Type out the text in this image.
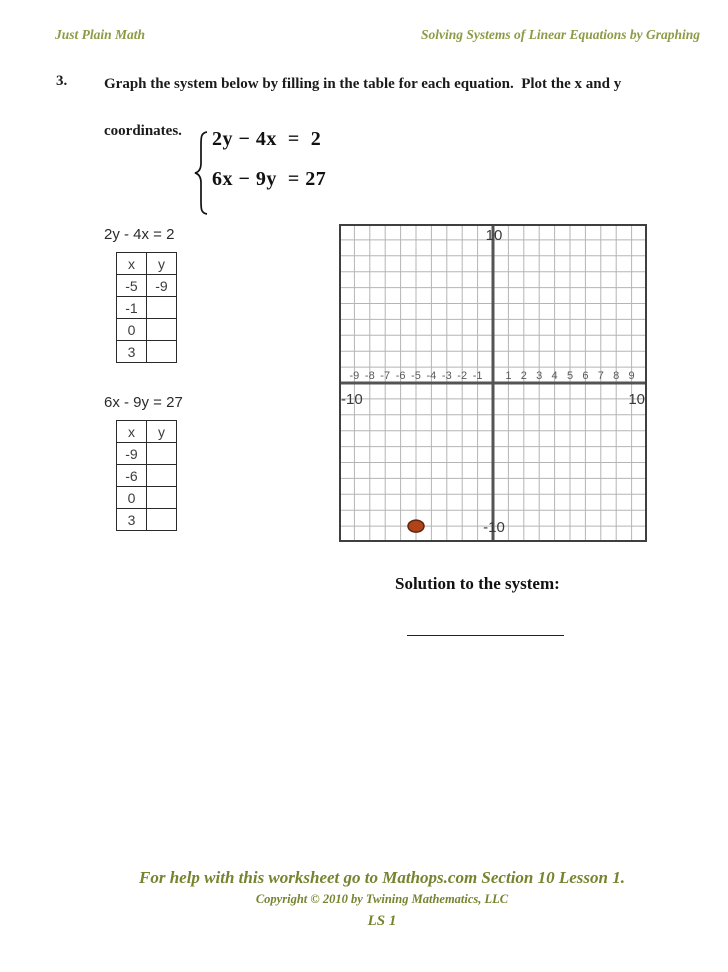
Just Plain Math	Solving Systems of Linear Equations by Graphing
3. Graph the system below by filling in the table for each equation.  Plot the x and y

coordinates.	2y − 4x  =  2
6x − 9y  = 27
2y - 4x = 2
x	y
-5	-9
-1	
0	
3	
6x - 9y = 27
x	y
-9	
-6	
0	
3	
-9 -8 -7 -6 -5 -4 -3 -2 -1 1 2 3 4 5 6 7 8 9
10
-10
-10	10
Solution to the system:
For help with this worksheet go to Mathops.com Section 10 Lesson 1.
Copyright © 2010 by Twining Mathematics, LLC
LS 1
